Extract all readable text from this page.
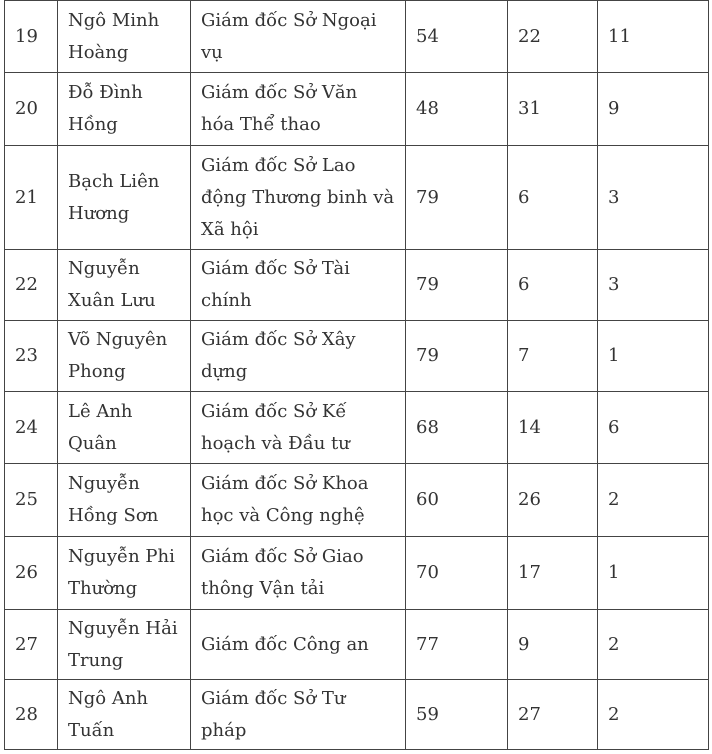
19	Ngô Minh Hoàng	Giám đốc Sở Ngoại vụ	54	22	11
20	Đỗ Đình Hồng	Giám đốc Sở Văn hóa Thể thao	48	31	9
21	Bạch Liên Hương	Giám đốc Sở Lao động Thương binh và Xã hội	79	6	3
22	Nguyễn Xuân Lưu	Giám đốc Sở Tài chính	79	6	3
23	Võ Nguyên Phong	Giám đốc Sở Xây dựng	79	7	1
24	Lê Anh Quân	Giám đốc Sở Kế hoạch và Đầu tư	68	14	6
25	Nguyễn Hồng Sơn	Giám đốc Sở Khoa học và Công nghệ	60	26	2
26	Nguyễn Phi Thường	Giám đốc Sở Giao thông Vận tải	70	17	1
27	Nguyễn Hải Trung	Giám đốc Công an	77	9	2
28	Ngô Anh Tuấn	Giám đốc Sở Tư pháp	59	27	2
